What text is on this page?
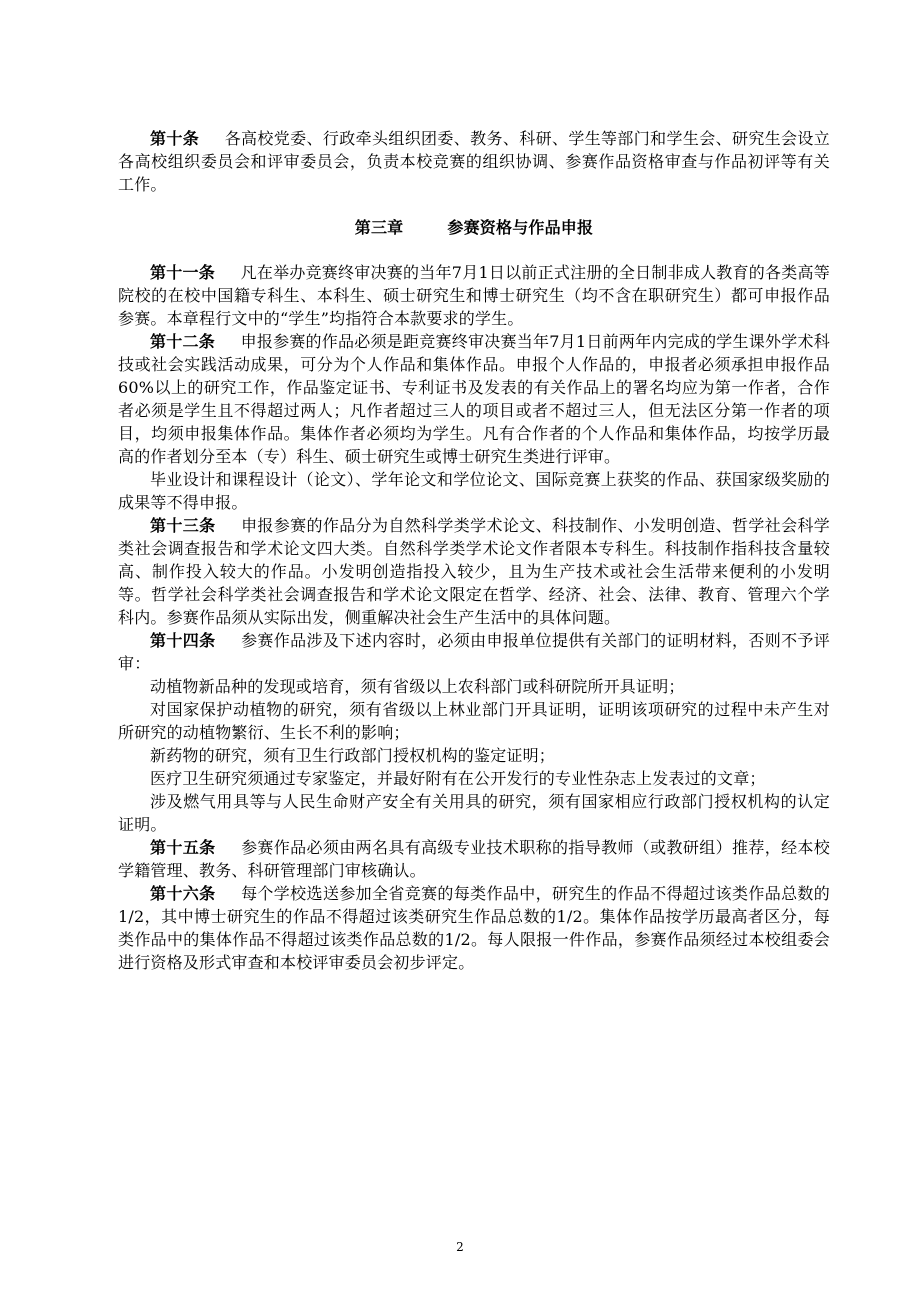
第十条 各高校党委、行政牵头组织团委、教务、科研、学生等部门和学生会、研究生会设立各高校组织委员会和评审委员会，负责本校竞赛的组织协调、参赛作品资格审查与作品初评等有关工作。

第三章	参赛资格与作品申报

第十一条 凡在举办竞赛终审决赛的当年7月1日以前正式注册的全日制非成人教育的各类高等院校的在校中国籍专科生、本科生、硕士研究生和博士研究生（均不含在职研究生）都可申报作品参赛。本章程行文中的“学生”均指符合本款要求的学生。

第十二条 申报参赛的作品必须是距竞赛终审决赛当年7月1日前两年内完成的学生课外学术科技或社会实践活动成果，可分为个人作品和集体作品。申报个人作品的，申报者必须承担申报作品60%以上的研究工作，作品鉴定证书、专利证书及发表的有关作品上的署名均应为第一作者，合作者必须是学生且不得超过两人；凡作者超过三人的项目或者不超过三人，但无法区分第一作者的项目，均须申报集体作品。集体作者必须均为学生。凡有合作者的个人作品和集体作品，均按学历最高的作者划分至本（专）科生、硕士研究生或博士研究生类进行评审。

毕业设计和课程设计（论文）、学年论文和学位论文、国际竞赛上获奖的作品、获国家级奖励的成果等不得申报。

第十三条 申报参赛的作品分为自然科学类学术论文、科技制作、小发明创造、哲学社会科学类社会调查报告和学术论文四大类。自然科学类学术论文作者限本专科生。科技制作指科技含量较高、制作投入较大的作品。小发明创造指投入较少，且为生产技术或社会生活带来便利的小发明等。哲学社会科学类社会调查报告和学术论文限定在哲学、经济、社会、法律、教育、管理六个学科内。参赛作品须从实际出发，侧重解决社会生产生活中的具体问题。

第十四条 参赛作品涉及下述内容时，必须由申报单位提供有关部门的证明材料，否则不予评审：

动植物新品种的发现或培育，须有省级以上农科部门或科研院所开具证明；

对国家保护动植物的研究，须有省级以上林业部门开具证明，证明该项研究的过程中未产生对所研究的动植物繁衍、生长不利的影响；

新药物的研究，须有卫生行政部门授权机构的鉴定证明；

医疗卫生研究须通过专家鉴定，并最好附有在公开发行的专业性杂志上发表过的文章；

涉及燃气用具等与人民生命财产安全有关用具的研究，须有国家相应行政部门授权机构的认定证明。

第十五条 参赛作品必须由两名具有高级专业技术职称的指导教师（或教研组）推荐，经本校学籍管理、教务、科研管理部门审核确认。

第十六条 每个学校选送参加全省竞赛的每类作品中，研究生的作品不得超过该类作品总数的1/2，其中博士研究生的作品不得超过该类研究生作品总数的1/2。集体作品按学历最高者区分，每类作品中的集体作品不得超过该类作品总数的1/2。每人限报一件作品，参赛作品须经过本校组委会进行资格及形式审查和本校评审委员会初步评定。

2
